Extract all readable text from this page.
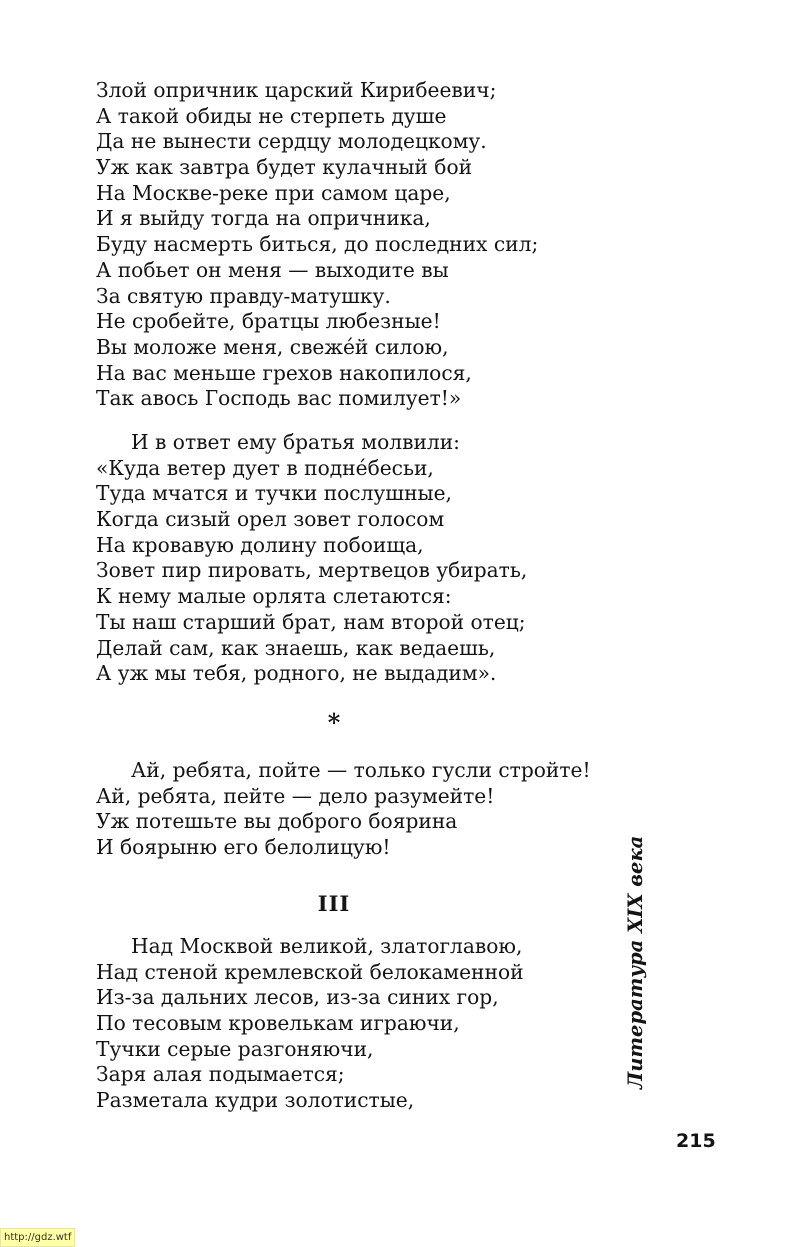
Злой опричник царский Кирибеевич;
А такой обиды не стерпеть душе
Да не вынести сердцу молодецкому.
Уж как завтра будет кулачный бой
На Москве-реке при самом царе,
И я выйду тогда на опричника,
Буду насмерть биться, до последних сил;
А побьет он меня — выходите вы
За святую правду-матушку.
Не сробейте, братцы любезные!
Вы моложе меня, свежéй силою,
На вас меньше грехов накопилося,
Так авось Господь вас помилует!»
И в ответ ему братья молвили:
«Куда ветер дует в поднéбесьи,
Туда мчатся и тучки послушные,
Когда сизый орел зовет голосом
На кровавую долину побоища,
Зовет пир пировать, мертвецов убирать,
К нему малые орлята слетаются:
Ты наш старший брат, нам второй отец;
Делай сам, как знаешь, как ведаешь,
А уж мы тебя, родного, не выдадим».
*
Ай, ребята, пойте — только гусли стройте!
Ай, ребята, пейте — дело разумейте!
Уж потешьте вы доброго боярина
И боярыню его белолицую!
III
Над Москвой великой, златоглавою,
Над стеной кремлевской белокаменной
Из-за дальних лесов, из-за синих гор,
По тесовым кровелькам играючи,
Тучки серые разгоняючи,
Заря алая подымается;
Разметала кудри золотистые,
Литература XIX века
215
http://gdz.wtf
